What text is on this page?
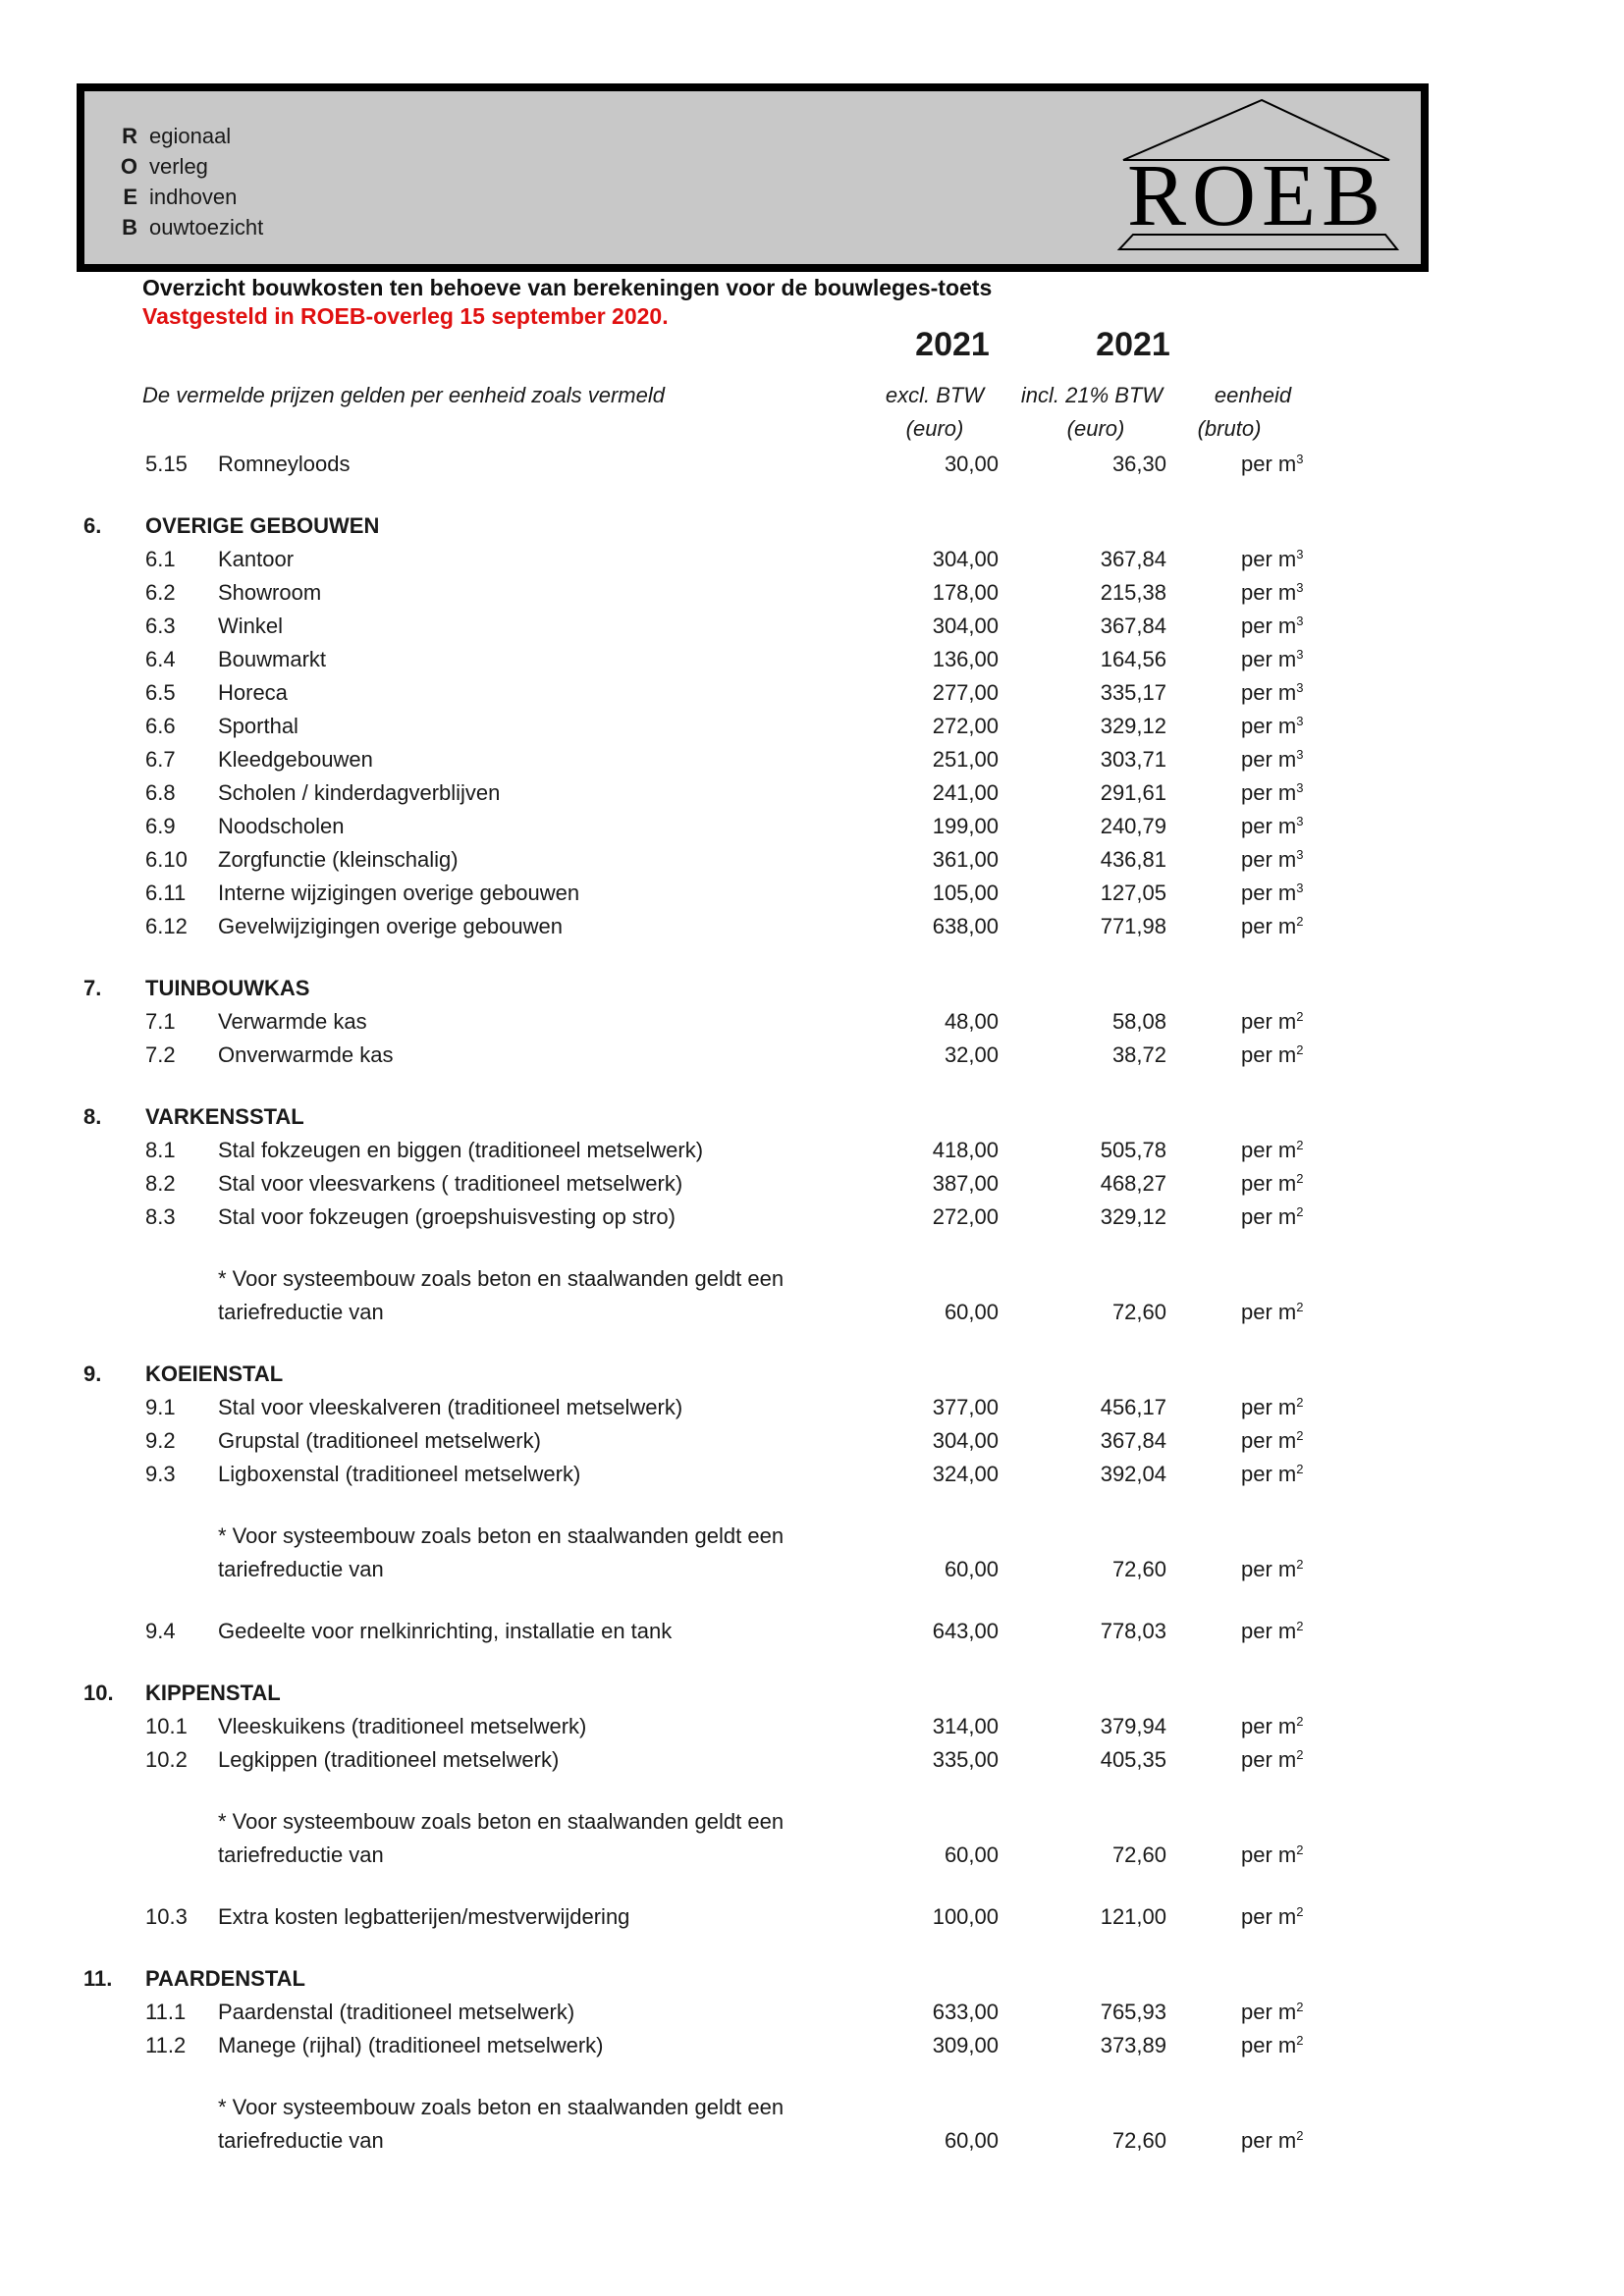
R egionaal
O verleg
E indhoven
B ouwtoezicht	ROEB
Overzicht bouwkosten ten behoeve van berekeningen voor de bouwleges-toets
Vastgesteld in ROEB-overleg 15 september 2020.
2021	2021
De vermelde prijzen gelden per eenheid zoals vermeld	excl. BTW	incl. 21% BTW	eenheid
(euro)	(euro)	(bruto)
5.15 Romneyloods	30,00	36,30	per $m^3$
6. OVERIGE GEBOUWEN
6.1 Kantoor	304,00	367,84	per $m^3$
6.2 Showroom	178,00	215,38	per $m^3$
6.3 Winkel	304,00	367,84	per $m^3$
6.4 Bouwmarkt	136,00	164,56	per $m^3$
6.5 Horeca	277,00	335,17	per $m^3$
6.6 Sporthal	272,00	329,12	per $m^3$
6.7 Kleedgebouwen	251,00	303,71	per $m^3$
6.8 Scholen / kinderdagverblijven	241,00	291,61	per $m^3$
6.9 Noodscholen	199,00	240,79	per $m^3$
6.10 Zorgfunctie (kleinschalig)	361,00	436,81	per $m^3$
6.11 Interne wijzigingen overige gebouwen	105,00	127,05	per $m^3$
6.12 Gevelwijzigingen overige gebouwen	638,00	771,98	per $m^2$
7. TUINBOUWKAS
7.1 Verwarmde kas	48,00	58,08	per $m^2$
7.2 Onverwarmde kas	32,00	38,72	per $m^2$
8. VARKENSSTAL
8.1 Stal fokzeugen en biggen (traditioneel metselwerk)	418,00	505,78	per $m^2$
8.2 Stal voor vleesvarkens ( traditioneel metselwerk)	387,00	468,27	per $m^2$
8.3 Stal voor fokzeugen (groepshuisvesting op stro)	272,00	329,12	per $m^2$
* Voor systeembouw zoals beton en staalwanden geldt een
tariefreductie van	60,00	72,60	per $m^2$
9. KOEIENSTAL
9.1 Stal voor vleeskalveren (traditioneel metselwerk)	377,00	456,17	per $m^2$
9.2 Grupstal (traditioneel metselwerk)	304,00	367,84	per $m^2$
9.3 Ligboxenstal (traditioneel metselwerk)	324,00	392,04	per $m^2$
* Voor systeembouw zoals beton en staalwanden geldt een
tariefreductie van	60,00	72,60	per $m^2$
9.4 Gedeelte voor rnelkinrichting, installatie en tank	643,00	778,03	per $m^2$
10. KIPPENSTAL
10.1 Vleeskuikens (traditioneel metselwerk)	314,00	379,94	per $m^2$
10.2 Legkippen (traditioneel metselwerk)	335,00	405,35	per $m^2$
* Voor systeembouw zoals beton en staalwanden geldt een
tariefreductie van	60,00	72,60	per $m^2$
10.3 Extra kosten legbatterijen/mestverwijdering	100,00	121,00	per $m^2$
11. PAARDENSTAL
11.1 Paardenstal (traditioneel metselwerk)	633,00	765,93	per $m^2$
11.2 Manege (rijhal) (traditioneel metselwerk)	309,00	373,89	per $m^2$
* Voor systeembouw zoals beton en staalwanden geldt een
tariefreductie van	60,00	72,60	per $m^2$
